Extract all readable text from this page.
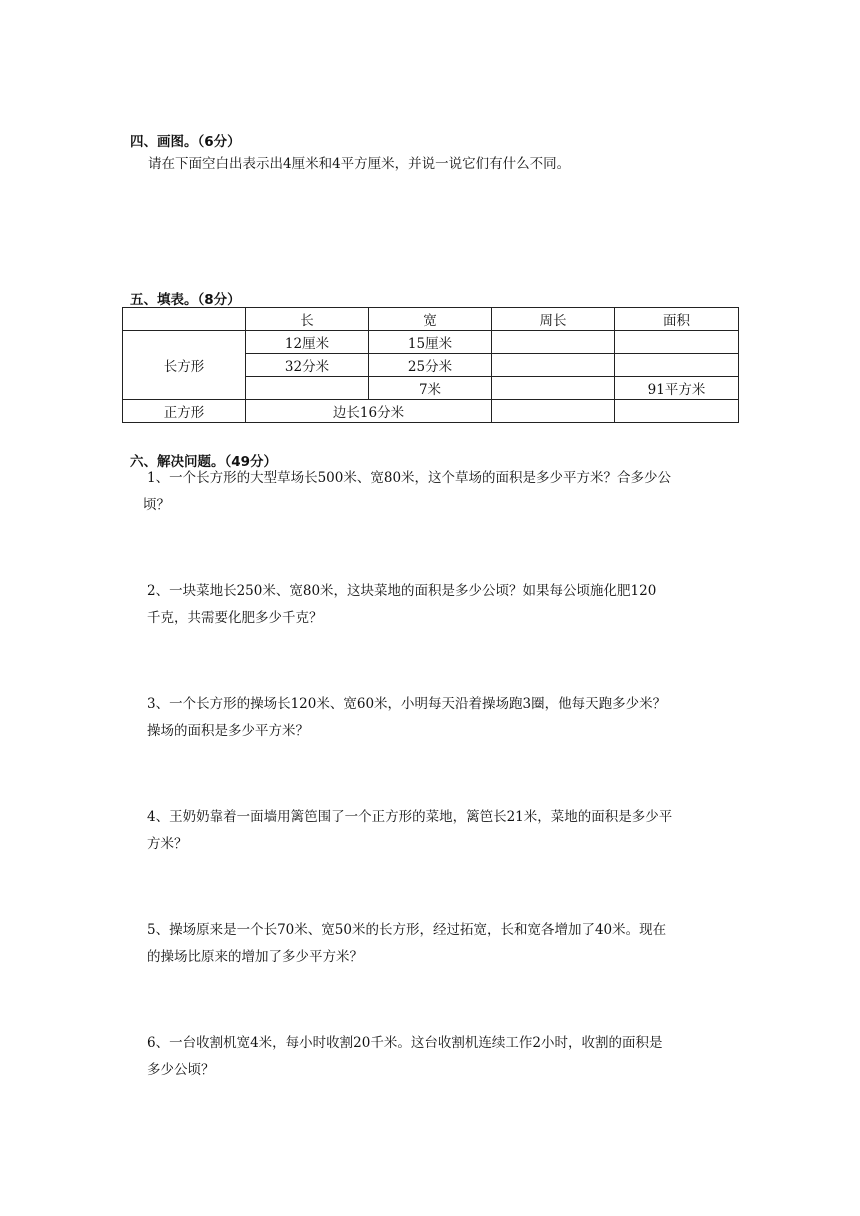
四、画图。（6分）
请在下面空白出表示出4厘米和4平方厘米，并说一说它们有什么不同。
五、填表。（8分）
	长	宽	周长	面积
长方形	12厘米	15厘米		
	32分米	25分米		
		7米		91平方米
正方形	边长16分米			
六、解决问题。（49分）
1、一个长方形的大型草场长500米、宽80米，这个草场的面积是多少平方米？合多少公
顷？
2、一块菜地长250米、宽80米，这块菜地的面积是多少公顷？如果每公顷施化肥120
千克，共需要化肥多少千克？
3、一个长方形的操场长120米、宽60米，小明每天沿着操场跑3圈，他每天跑多少米？
操场的面积是多少平方米？
4、王奶奶靠着一面墙用篱笆围了一个正方形的菜地，篱笆长21米，菜地的面积是多少平
方米？
5、操场原来是一个长70米、宽50米的长方形，经过拓宽，长和宽各增加了40米。现在
的操场比原来的增加了多少平方米？
6、一台收割机宽4米，每小时收割20千米。这台收割机连续工作2小时，收割的面积是
多少公顷？
